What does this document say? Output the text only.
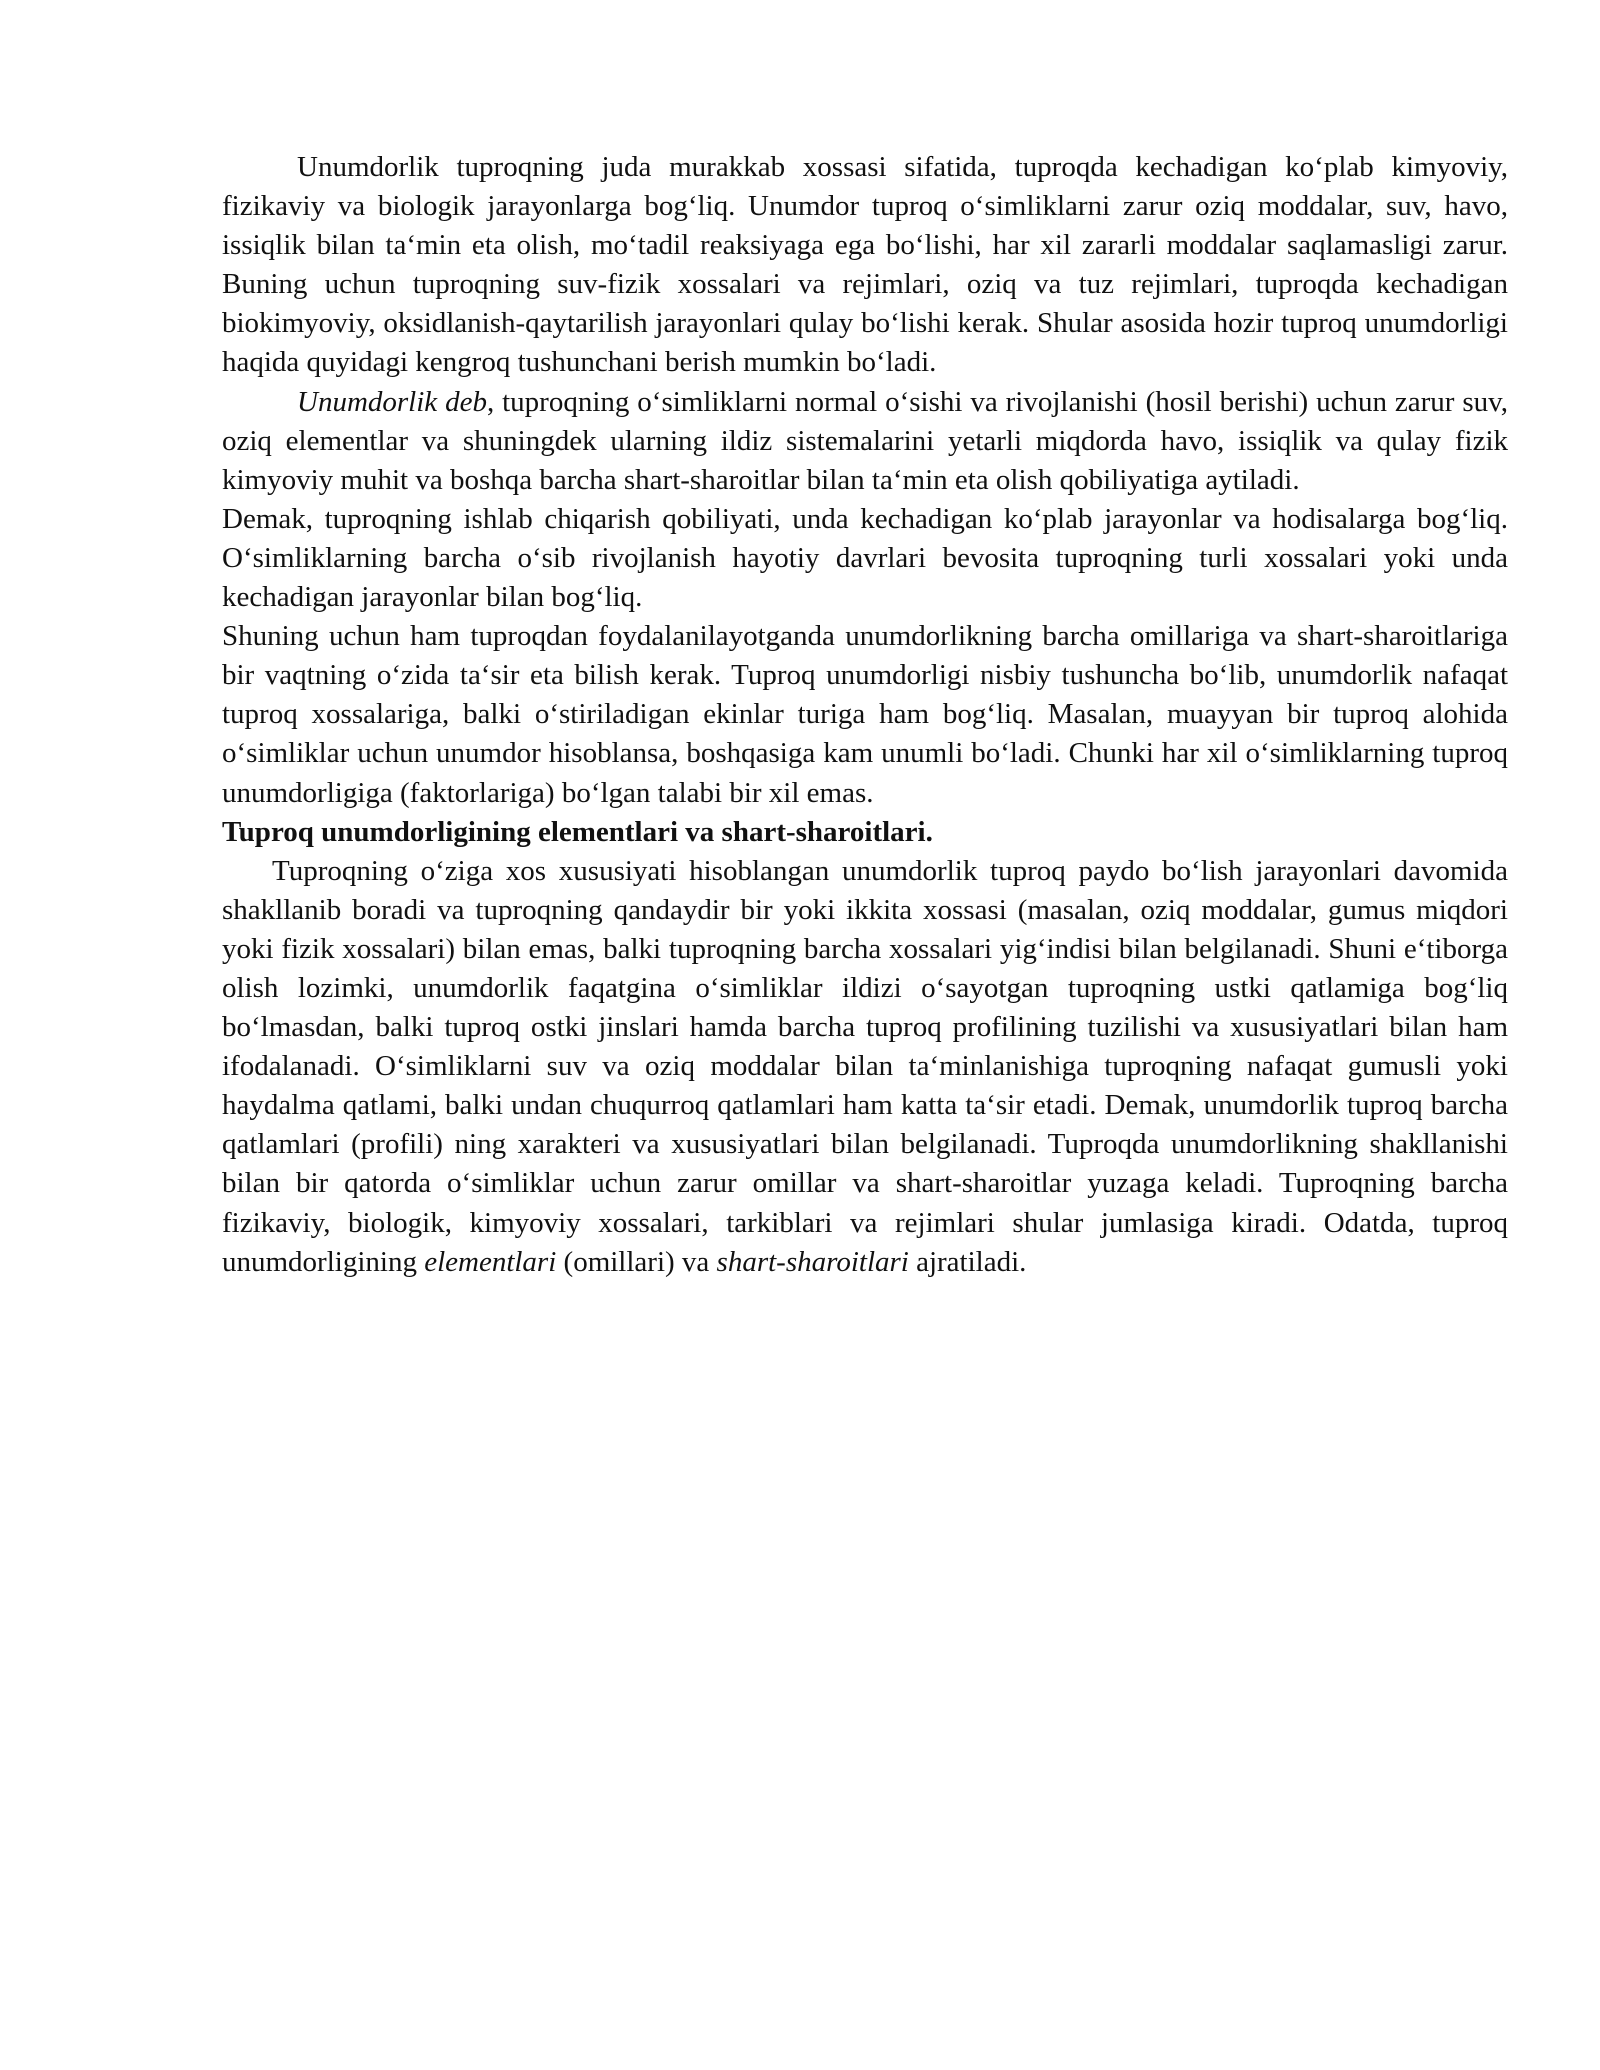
Unumdorlik tuproqning juda murakkab xossasi sifatida, tuproqda kechadigan ko‘plab kimyoviy, fizikaviy va biologik jarayonlarga bog‘liq. Unumdor tuproq o‘simliklarni zarur oziq moddalar, suv, havo, issiqlik bilan ta‘min eta olish, mo‘tadil reaksiyaga ega bo‘lishi, har xil zararli moddalar saqlamasligi zarur. Buning uchun tuproqning suv-fizik xossalari va rejimlari, oziq va tuz rejimlari, tuproqda kechadigan biokimyoviy, oksidlanish-qaytarilish jarayonlari qulay bo‘lishi kerak. Shular asosida hozir tuproq unumdorligi haqida quyidagi kengroq tushunchani berish mumkin bo‘ladi.

Unumdorlik deb, tuproqning o‘simliklarni normal o‘sishi va rivojlanishi (hosil berishi) uchun zarur suv, oziq elementlar va shuningdek ularning ildiz sistemalarini yetarli miqdorda havo, issiqlik va qulay fizik kimyoviy muhit va boshqa barcha shart-sharoitlar bilan ta‘min eta olish qobiliyatiga aytiladi.

Demak, tuproqning ishlab chiqarish qobiliyati, unda kechadigan ko‘plab jarayonlar va hodisalarga bog‘liq. O‘simliklarning barcha o‘sib rivojlanish hayotiy davrlari bevosita tuproqning turli xossalari yoki unda kechadigan jarayonlar bilan bog‘liq.

Shuning uchun ham tuproqdan foydalanilayotganda unumdorlikning barcha omillariga va shart-sharoitlariga bir vaqtning o‘zida ta‘sir eta bilish kerak. Tuproq unumdorligi nisbiy tushuncha bo‘lib, unumdorlik nafaqat tuproq xossalariga, balki o‘stiriladigan ekinlar turiga ham bog‘liq. Masalan, muayyan bir tuproq alohida o‘simliklar uchun unumdor hisoblansa, boshqasiga kam unumli bo‘ladi. Chunki har xil o‘simliklarning tuproq unumdorligiga (faktorlariga) bo‘lgan talabi bir xil emas.

Tuproq unumdorligining elementlari va shart-sharoitlari.

Tuproqning o‘ziga xos xususiyati hisoblangan unumdorlik tuproq paydo bo‘lish jarayonlari davomida shakllanib boradi va tuproqning qandaydir bir yoki ikkita xossasi (masalan, oziq moddalar, gumus miqdori yoki fizik xossalari) bilan emas, balki tuproqning barcha xossalari yig‘indisi bilan belgilanadi. Shuni e‘tiborga olish lozimki, unumdorlik faqatgina o‘simliklar ildizi o‘sayotgan tuproqning ustki qatlamiga bog‘liq bo‘lmasdan, balki tuproq ostki jinslari hamda barcha tuproq profilining tuzilishi va xususiyatlari bilan ham ifodalanadi. O‘simliklarni suv va oziq moddalar bilan ta‘minlanishiga tuproqning nafaqat gumusli yoki haydalma qatlami, balki undan chuqurroq qatlamlari ham katta ta‘sir etadi. Demak, unumdorlik tuproq barcha qatlamlari (profili) ning xarakteri va xususiyatlari bilan belgilanadi. Tuproqda unumdorlikning shakllanishi bilan bir qatorda o‘simliklar uchun zarur omillar va shart-sharoitlar yuzaga keladi. Tuproqning barcha fizikaviy, biologik, kimyoviy xossalari, tarkiblari va rejimlari shular jumlasiga kiradi. Odatda, tuproq unumdorligining elementlari (omillari) va shart-sharoitlari ajratiladi.
